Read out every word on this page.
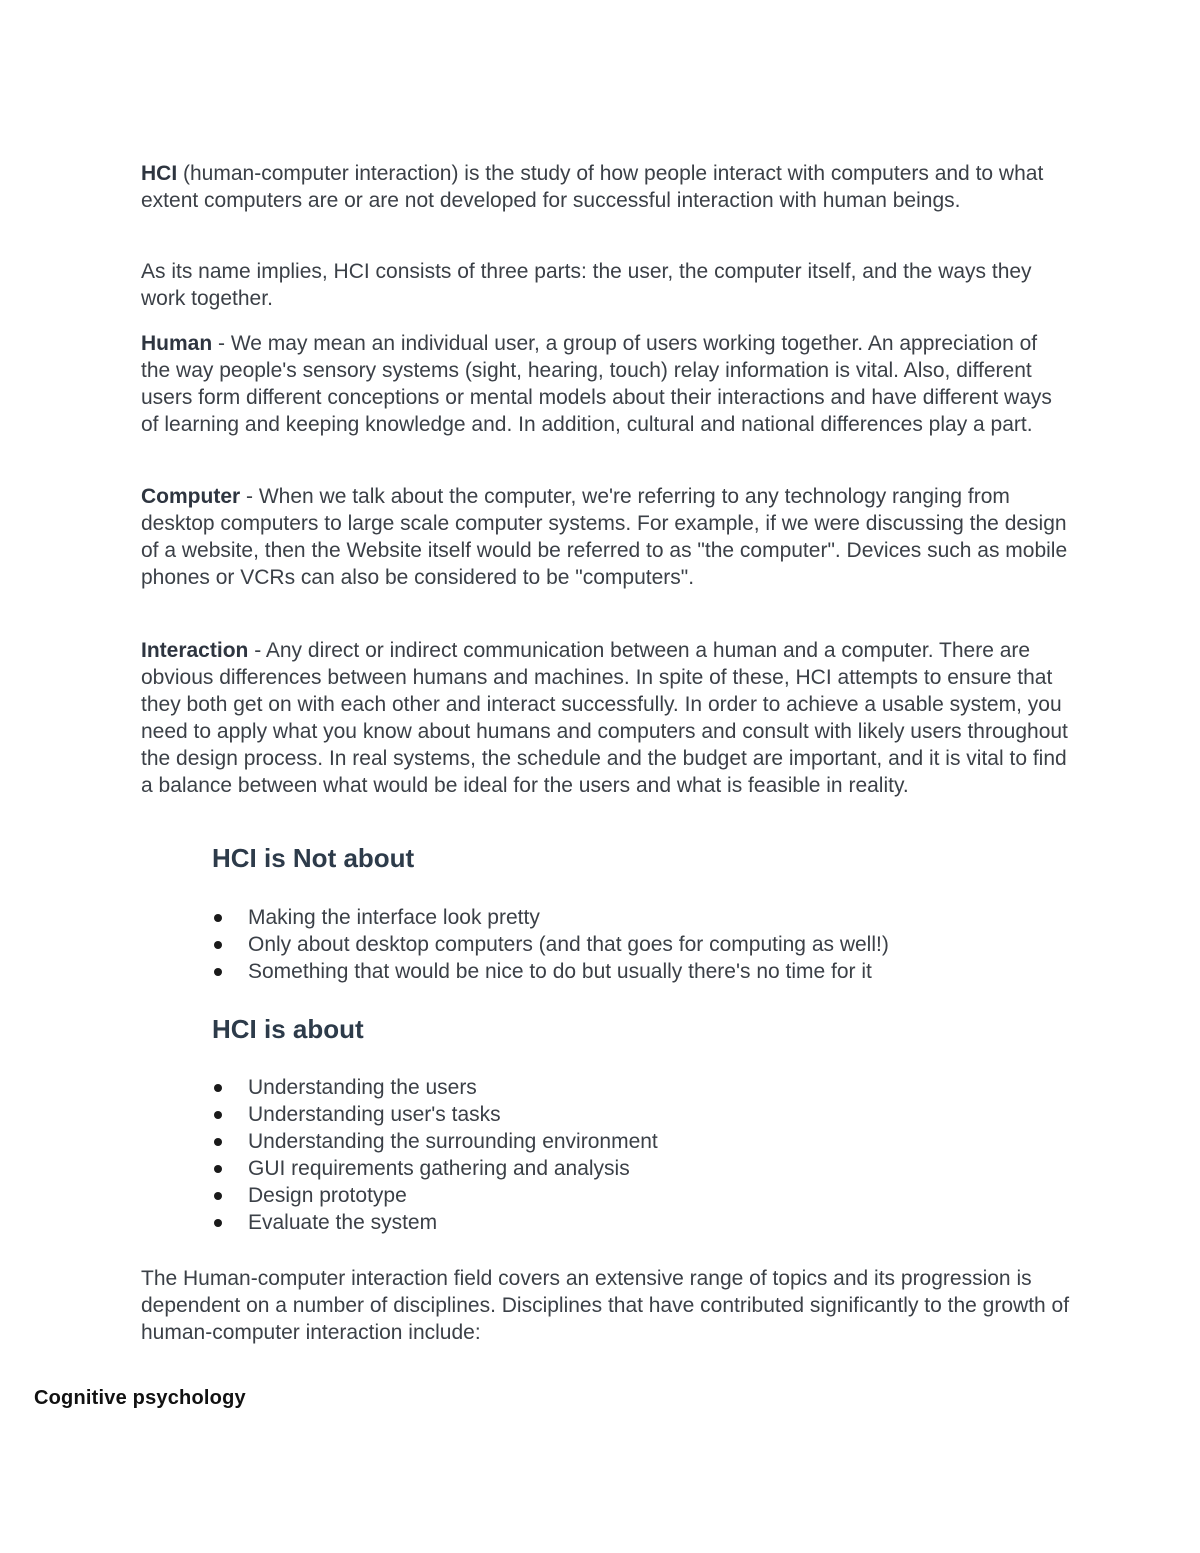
HCI (human-computer interaction) is the study of how people interact with computers and to what extent computers are or are not developed for successful interaction with human beings.

As its name implies, HCI consists of three parts: the user, the computer itself, and the ways they work together.

Human - We may mean an individual user, a group of users working together. An appreciation of the way people's sensory systems (sight, hearing, touch) relay information is vital. Also, different users form different conceptions or mental models about their interactions and have different ways of learning and keeping knowledge and. In addition, cultural and national differences play a part.

Computer - When we talk about the computer, we're referring to any technology ranging from desktop computers to large scale computer systems. For example, if we were discussing the design of a website, then the Website itself would be referred to as "the computer". Devices such as mobile phones or VCRs can also be considered to be "computers".

Interaction - Any direct or indirect communication between a human and a computer. There are obvious differences between humans and machines. In spite of these, HCI attempts to ensure that they both get on with each other and interact successfully. In order to achieve a usable system, you need to apply what you know about humans and computers and consult with likely users throughout the design process. In real systems, the schedule and the budget are important, and it is vital to find a balance between what would be ideal for the users and what is feasible in reality.

HCI is Not about
Making the interface look pretty
Only about desktop computers (and that goes for computing as well!)
Something that would be nice to do but usually there's no time for it
HCI is about
Understanding the users
Understanding user's tasks
Understanding the surrounding environment
GUI requirements gathering and analysis
Design prototype
Evaluate the system

The Human-computer interaction field covers an extensive range of topics and its progression is dependent on a number of disciplines. Disciplines that have contributed significantly to the growth of human-computer interaction include:

Cognitive psychology
